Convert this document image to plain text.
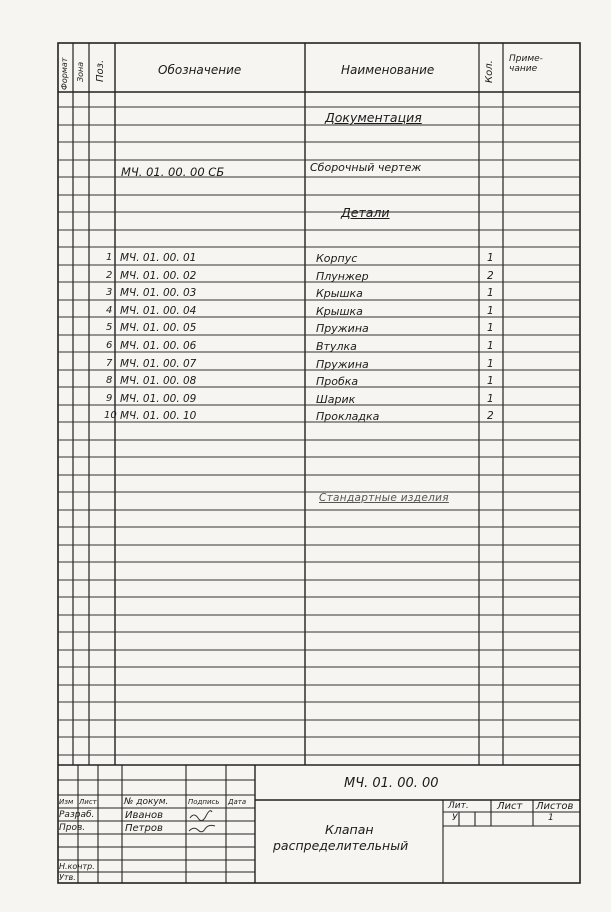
Формат Зона Поз.	Обозначение	Наименование	Кол.
Приме-
чание
Документация
МЧ. 01. 00. 00 СБ	Сборочный чертеж
Детали
1 МЧ. 01. 00. 01	Корпус	1
2 МЧ. 01. 00. 02	Плунжер	2
3 МЧ. 01. 00. 03	Крышка	1
4 МЧ. 01. 00. 04	Крышка	1
5 МЧ. 01. 00. 05	Пружина	1
6 МЧ. 01. 00. 06	Втулка	1
7 МЧ. 01. 00. 07	Пружина	1
8 МЧ. 01. 00. 08	Пробка	1
9 МЧ. 01. 00. 09	Шарик	1
10 МЧ. 01. 00. 10	Прокладка	2
Стандартные изделия
МЧ. 01. 00. 00
Клапан
распределительный
Изм Лист	№ докум.	Подпись Дата
Разраб.	Иванов
Пров.	Петров
Н.контр.
Утв.
Лит.
У
Лист Листов
1
